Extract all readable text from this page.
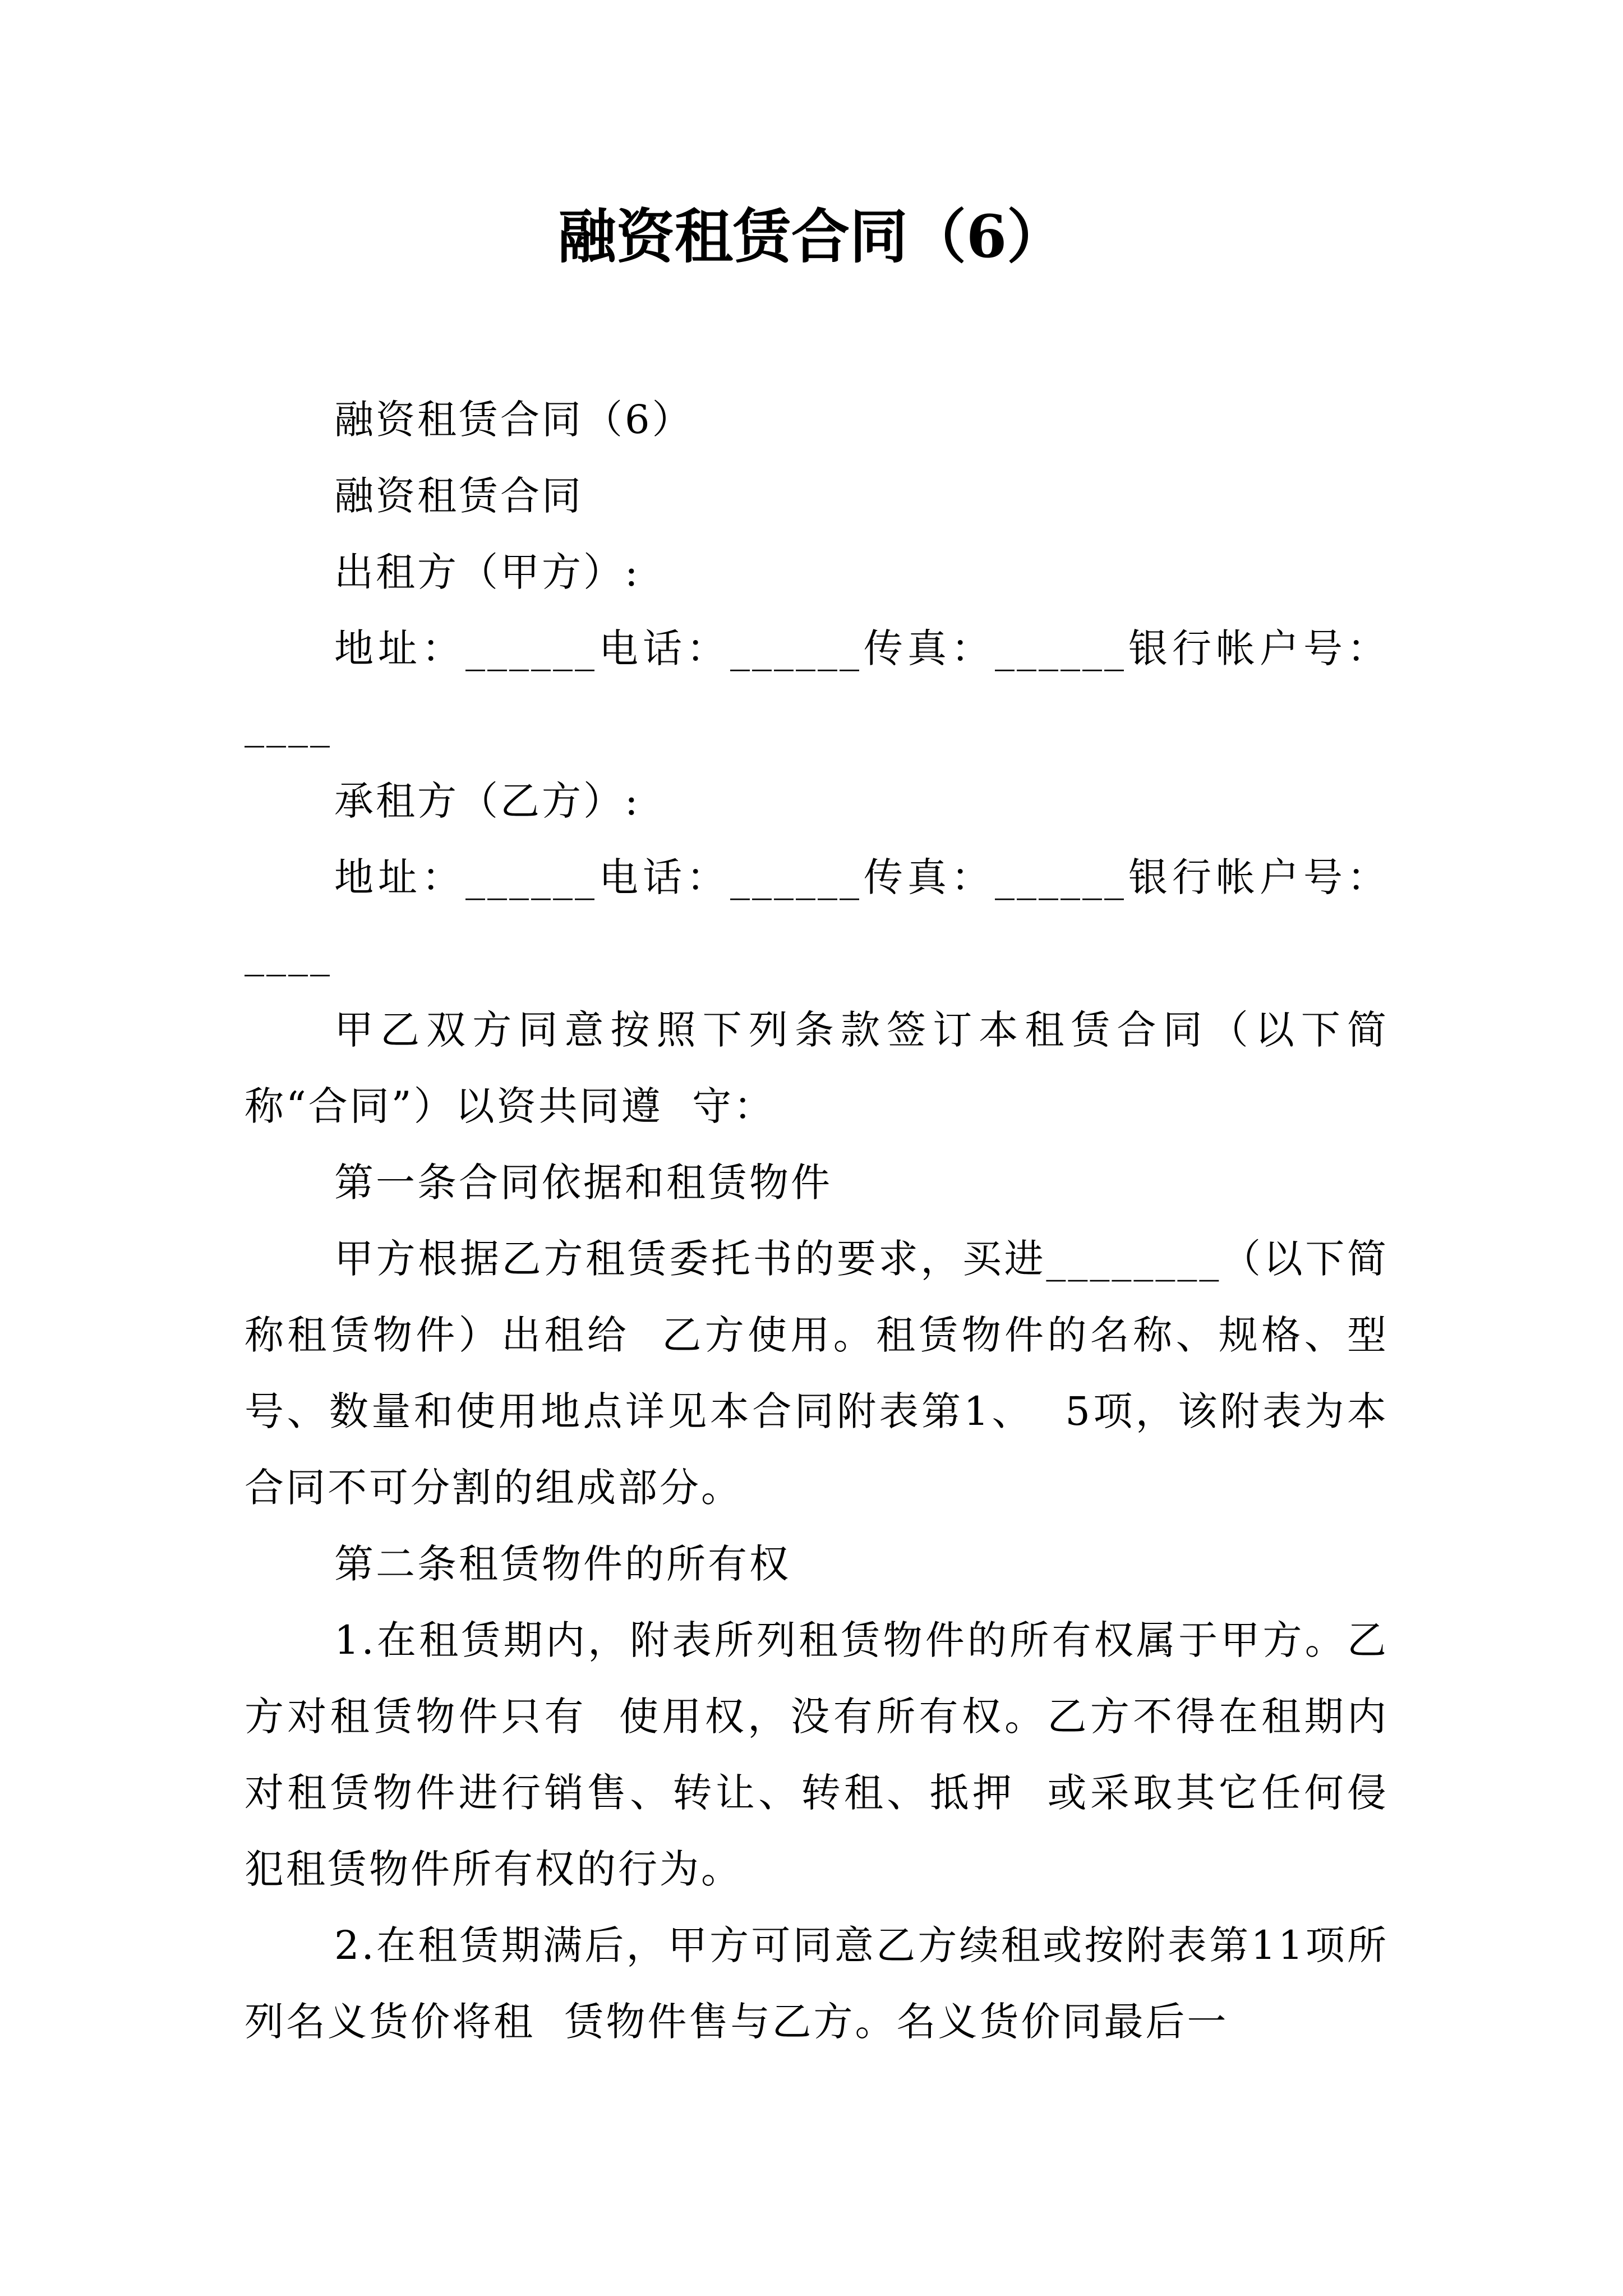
融资租赁合同（6）

融资租赁合同（6）

融资租赁合同

出租方（甲方）:

地址：______电话：______传真：______银行帐户号：____

承租方（乙方）:

地址：______电话：______传真：______银行帐户号：____

甲乙双方同意按照下列条款签订本租赁合同（以下简称“合同”）以资共同遵  守：

第一条合同依据和租赁物件

甲方根据乙方租赁委托书的要求，买进________（以下简称租赁物件）出租给  乙方使用。租赁物件的名称、规格、型号、数量和使用地点详见本合同附表第1、  5项，该附表为本合同不可分割的组成部分。

第二条租赁物件的所有权

1.在租赁期内，附表所列租赁物件的所有权属于甲方。乙方对租赁物件只有  使用权，没有所有权。乙方不得在租期内对租赁物件进行销售、转让、转租、抵押  或采取其它任何侵犯租赁物件所有权的行为。

2.在租赁期满后，甲方可同意乙方续租或按附表第11项所列名义货价将租  赁物件售与乙方。名义货价同最后一
